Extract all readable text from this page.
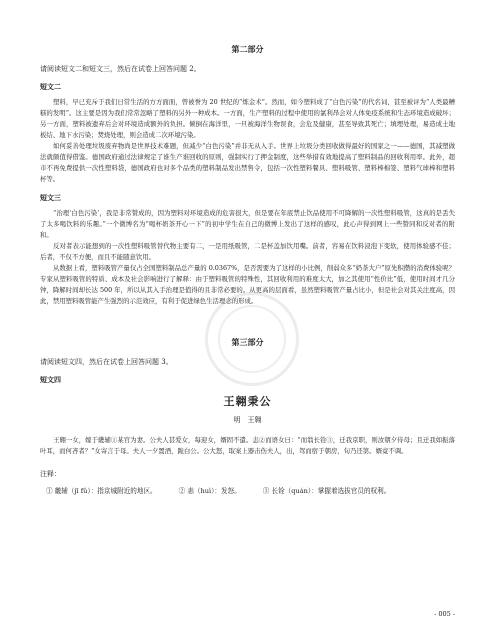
第二部分
请阅读短文二和短文三，然后在试卷上回答问题 2。
短文二

塑料，早已充斥于我们日常生活的方方面面，曾被誉为 20 世纪的“炼金术”。然而，如今塑料成了“白色污染”的代名词，甚至被评为“人类最糟糕的发明”。这主要是因为我们常常忽略了塑料的另外一种成本。一方面，生产塑料的过程中使用的氯利昂会对人体免疫系统和生态环境造成破坏；另一方面，塑料被遗弃后会对环境造成额外的负担。倾倒在海洋里，一旦被海洋生物误食，会危及健康，甚至导致其死亡；填埋处理，易造成土地板结、地下水污染；焚烧处理，则会造成二次环境污染。

如何妥善处理垃圾废弃物尚是世界技术难题，但减少“白色污染”并非无从入手。世界上垃圾分类回收做得最好的国家之一——德国，其减塑做法就颇值得借鉴。德国政府通过法律规定了谁生产谁回收的原则，强制实行了押金制度，这些举措有效地提高了塑料制品的回收利用率。此外，超市不再免费提供一次性塑料袋，德国政府也对多个品类的塑料制品发出禁售令，包括一次性塑料餐具、塑料吸管、塑料棒棉签、塑料气球棒和塑料杯等。

短文三

“治理‘白色污染’，我是非常赞成的，因为塑料对环境造成的危害很大，但是要在年底禁止饮品使用不可降解的一次性塑料吸管，这真的是丢失了太多喝饮料的乐趣。”一个微博名为“喝杯奶茶开心一下”的初中学生在自己的微博上发出了这样的感叹，此心声得到网上一些赞同和反对者的附和。

反对者表示能想到的一次性塑料吸管替代物主要有二，一是用纸吸管，二是杯盖加饮用嘴。前者，容易在饮料浸泡下变软，使用体验感不佳；后者，不仅不方便，而且不能随意饮用。

从数据上看，塑料吸管产量仅占全国塑料制品总产量的 0.0367%，是否需要为了这样的小比例，削弱众多“奶茶大户”原先积攒的消费体验呢？专家从塑料吸管的特质、成本及社会影响进行了解释：由于塑料吸管的特殊性，其回收利用的难度太大，加之其使用“性价比”低，使用时间才几分钟，降解时间却长达 500 年，所以从其入手治理是值得的且非常必要的。从更高的层面看，虽然塑料吸管产量占比小，但是社会对其关注度高，因此，禁用塑料吸管能产生强烈的示范效应，有利于促进绿色生活理念的形成。

第三部分
请阅读短文四，然后在试卷上回答问题 3。
短文四
王翱秉公
明　王翱

王翱一女，嫁于畿辅①某官为妻。公夫人甚爱女，每迎女，婿固不遣。恚②而语女曰：“而翁长铨③，迁我京职，则汝朝夕侍母；且迁我如振落叶耳，而何吝者？”女寄言于母。夫人一夕置酒，跪白公。公大怒，取案上器击伤夫人，出，驾而宿于朝房，旬乃还第。婿竟不调。

注释：
① 畿辅（jī fǔ）：指京城附近的地区。	② 恚（huì）：发怒。	③ 长铨（quán）：掌握着选拔官员的权利。
- 005 -
